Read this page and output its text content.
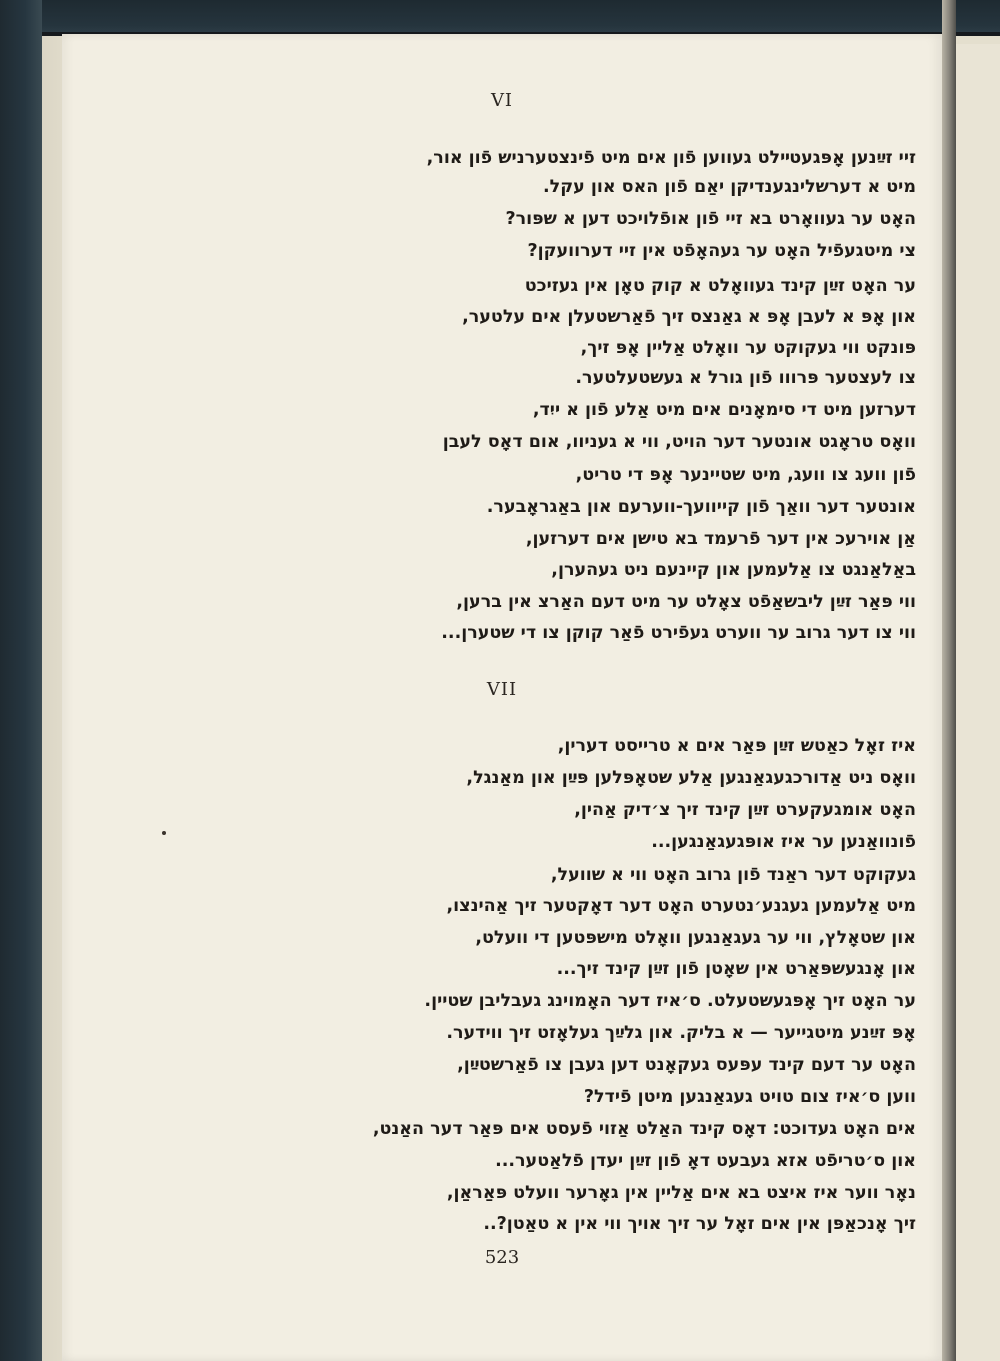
VI
זיי זײַנען אָפּגעטײלט געווען פֿון אים מיט פֿינצטערניש פֿון אור,
מיט א דערשלינגענדיקן יאַם פֿון האס און עקל.
האָט ער געוואָרט בא זיי פֿון אופֿלויכט דען א שפּור?
צי מיטגעפֿיל האָט ער געהאָפֿט אין זיי דערוועקן?
ער האָט זײַן קינד געוואָלט א קוק טאָן אין געזיכט
און אָפּ א לעבן אָפּ א גאַנצס זיך פֿאַרשטעלן אים עלטער,
פּונקט ווי געקוקט ער וואָלט אַליין אָפּ זיך,
צו לעצטער פּרווו פֿון גורל א געשטעלטער.
דערזען מיט די סימאָנים אים מיט אַלע פֿון א ייִד,
וואָס טראָגט אונטער דער הויט, ווי א געניוו, אום דאָס לעבן
פֿון וועג צו וועג, מיט שטיינער אָפּ די טריט,
אונטער דער וואַך פֿון קייוועך-ווערעם און באַגראָבער.
אַן אוירעכ אין דער פֿרעמד בא טישן אים דערזען,
באַלאַנגט צו אַלעמען און קיינעם ניט געהערן,
ווי פּאַר זײַן ליבשאַפֿט צאָלט ער מיט דעם האַרצ אין ברען,
ווי צו דער גרוב ער ווערט געפֿירט פֿאַר קוקן צו די שטערן...
VII
איז זאָל כאַטש זײַן פּאַר אים א טרייסט דערין,
וואָס ניט אַדורכגעגאַנגען אַלע שטאָפּלען פּײַן און מאַנגל,
האָט אומגעקערט זײַן קינד זיך צ׳דיק אַהין,
פֿונוואַנען ער איז אופּגעגאַנגען...
געקוקט דער ראַנד פֿון גרוב האָט ווי א שוועל,
מיט אַלעמען געגנע׳נטערט האָט דער דאָקטער זיך אַהינצו,
און שטאָלץ, ווי ער געגאַנגען וואָלט מישפּטען די וועלט,
און אָנגעשפּאַרט אין שאָטן פֿון זײַן קינד זיך...
ער האָט זיך אָפּגעשטעלט. ס׳איז דער האָמוינג געבליבן שטיין.
אָפּ זײַנע מיטגייער — א בליק. און גלײַך געלאָזט זיך ווידער.
האָט ער דעם קינד עפּעס געקאָנט דען געבן צו פֿאַרשטײַן,
ווען ס׳איז צום טויט געגאַנגען מיטן פֿידל?
אים האָט געדוכט: דאָס קינד האַלט אַזוי פֿעסט אים פּאַר דער האַנט,
און ס׳טריפֿט אזא געבעט דאָ פֿון זײַן יעדן פֿלאַטער...
נאָר ווער איז איצט בא אים אַליין אין גאָרער וועלט פּאַראַן,
זיך אָנכאַפּן אין אים זאָל ער זיך אויך ווי אין א טאַטן?..
523
